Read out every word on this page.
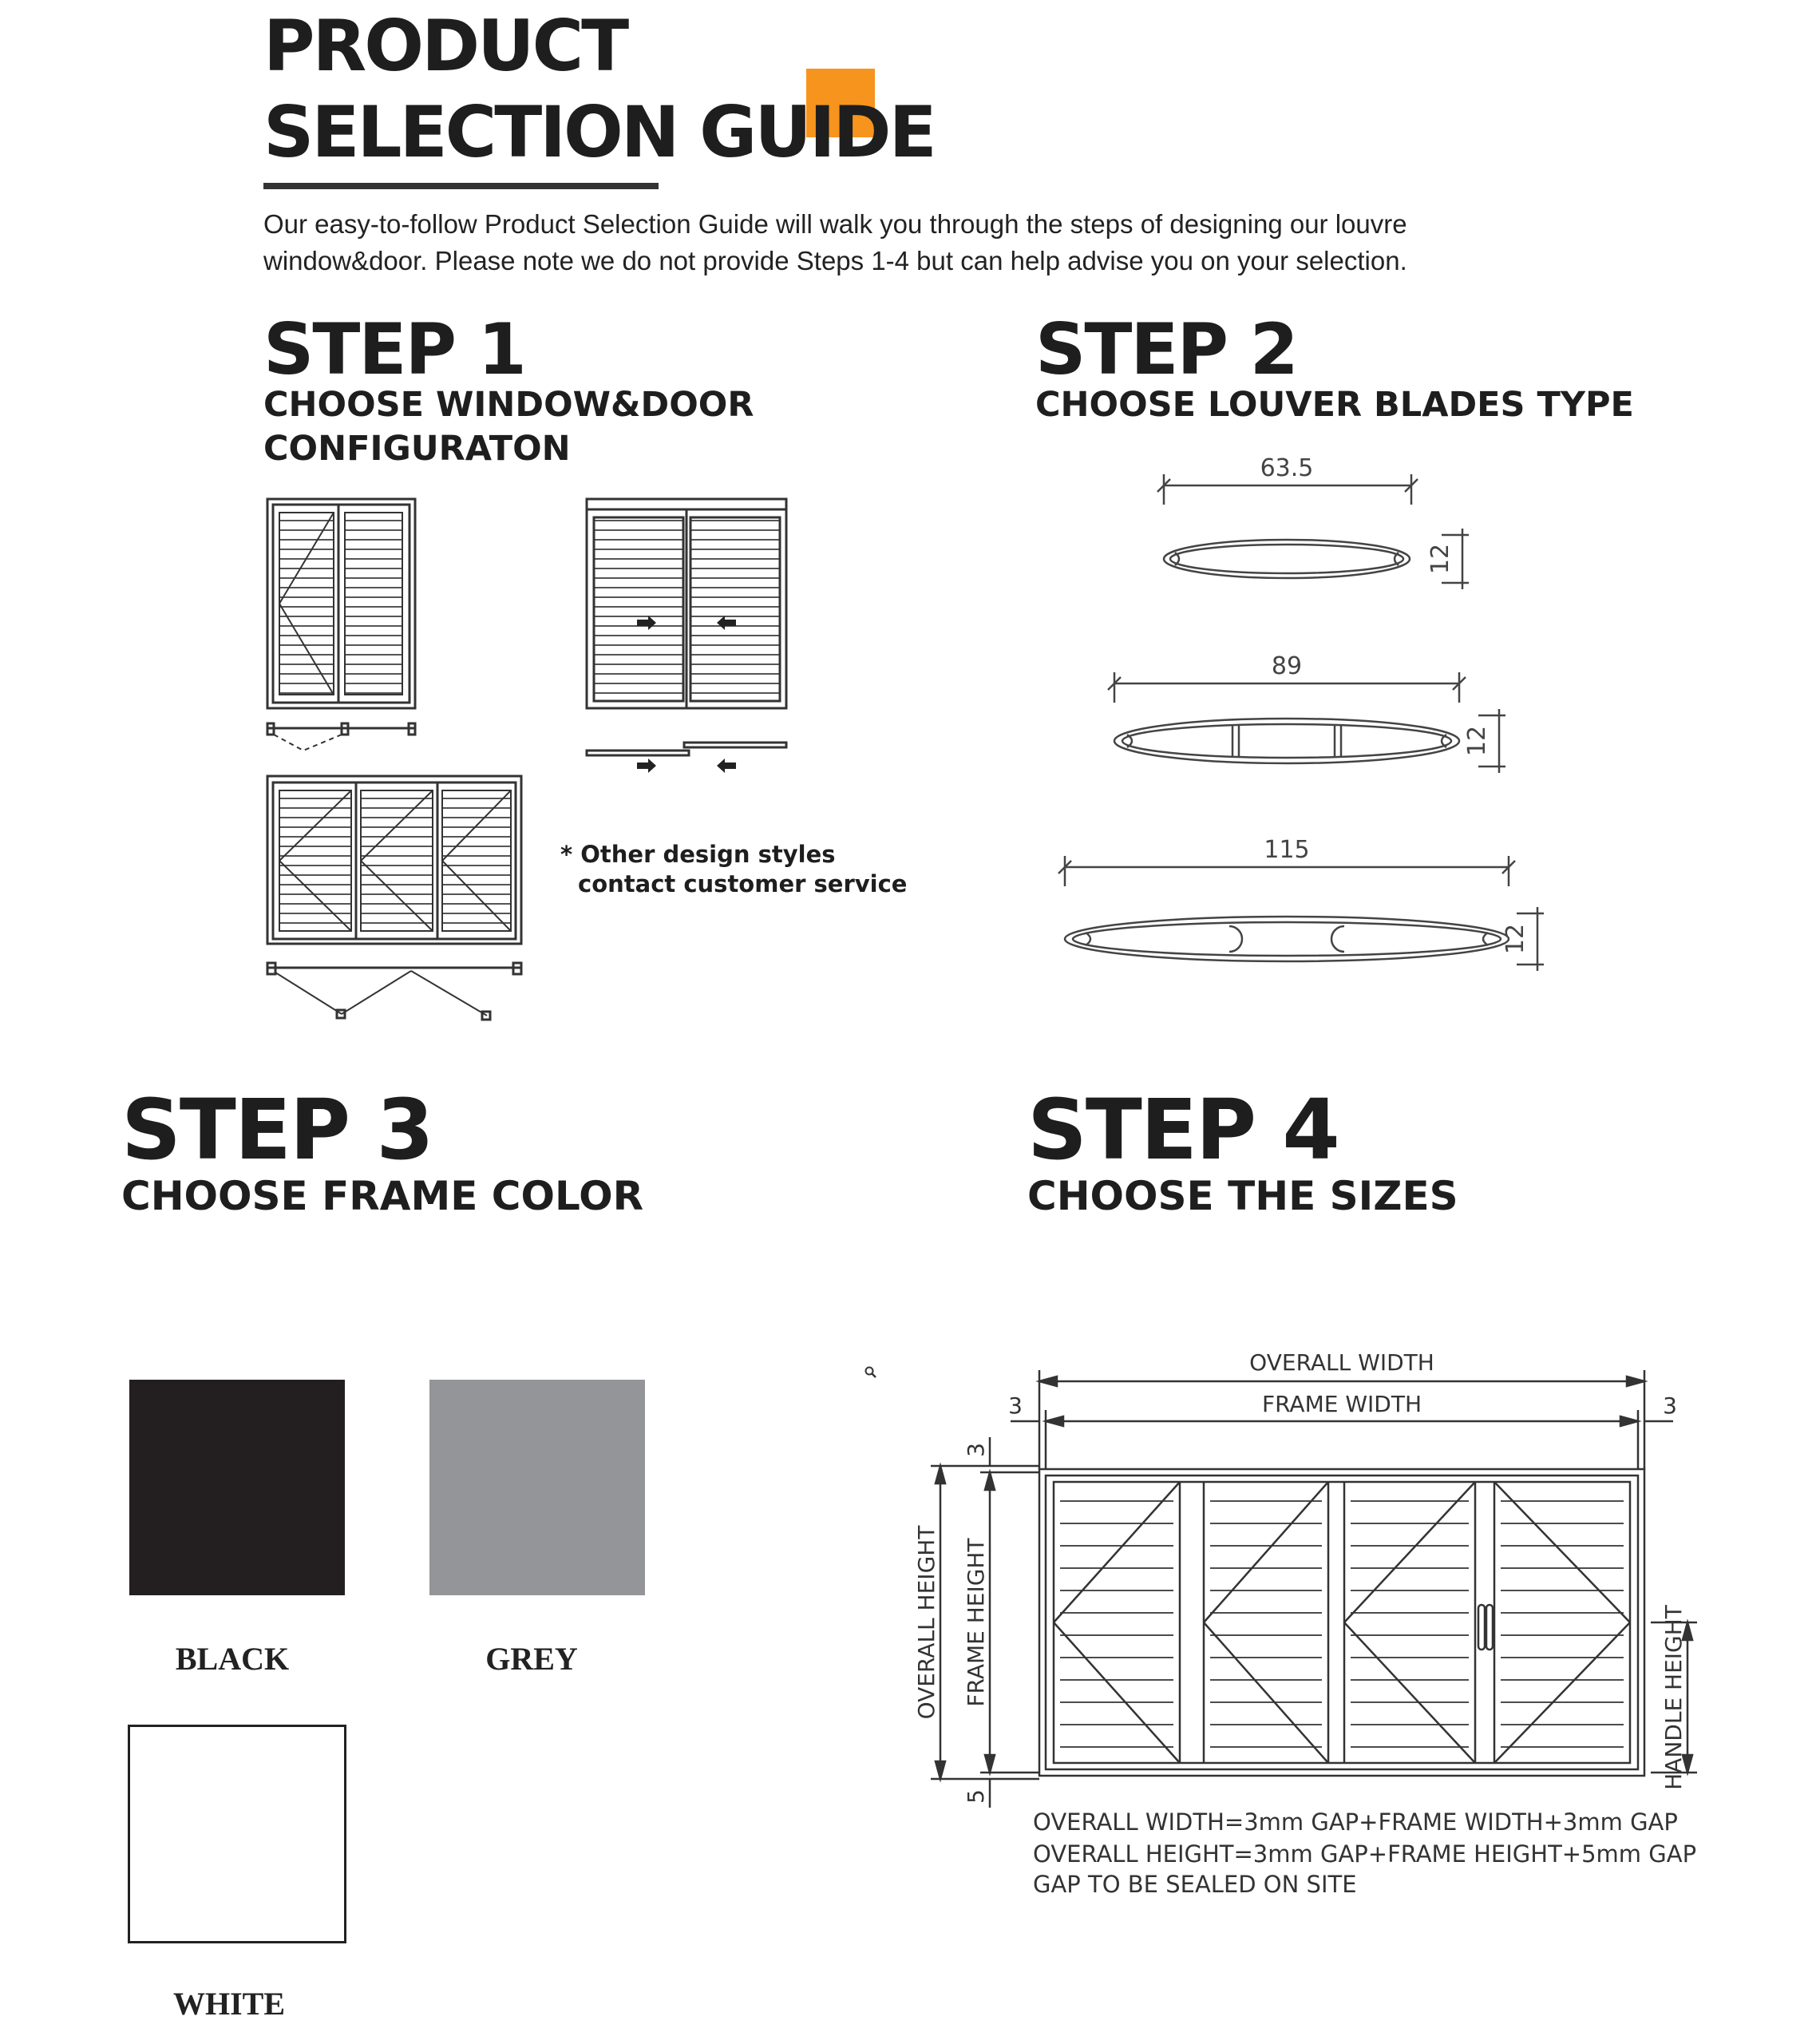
PRODUCT
SELECTION GUIDE
Our easy-to-follow Product Selection Guide will walk you through the steps of designing our louvre
window&door. Please note we do not provide Steps 1-4 but can help advise you on your selection.
STEP 1
CHOOSE WINDOW&DOOR
CONFIGURATON
* Other design styles
contact customer service
STEP 2
CHOOSE LOUVER BLADES TYPE
63.5
12
89
12
115
12
STEP 3
CHOOSE FRAME COLOR
BLACK	GREY
WHITE
STEP 4
CHOOSE THE SIZES
OVERALL WIDTH
FRAME WIDTH
3	3
3
5
OVERALL HEIGHT FRAME HEIGHT	HANDLE HEIGHT
OVERALL WIDTH=3mm GAP+FRAME WIDTH+3mm GAP
OVERALL HEIGHT=3mm GAP+FRAME HEIGHT+5mm GAP
GAP TO BE SEALED ON SITE
